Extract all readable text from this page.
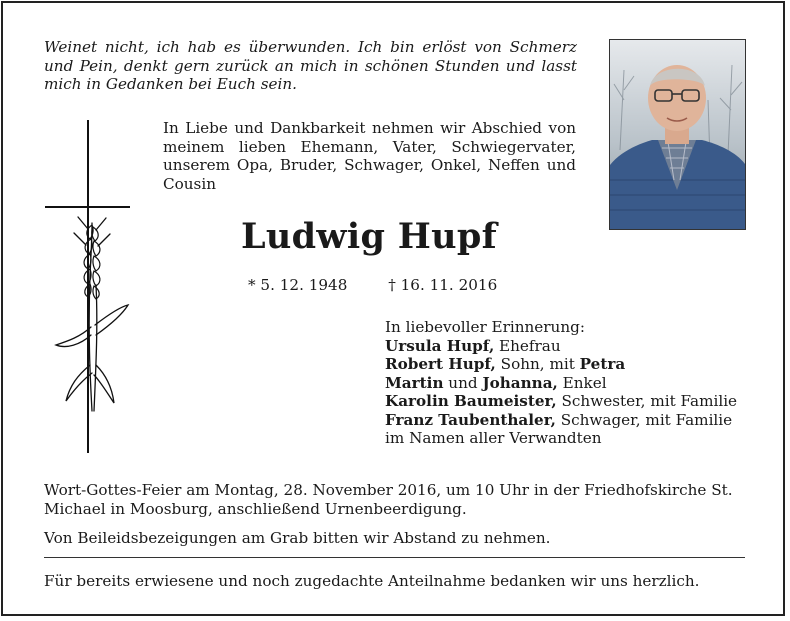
Weinet nicht, ich hab es überwunden. Ich bin erlöst von Schmerz und Pein, denkt gern zurück an mich in schönen Stunden und lasst mich in Gedanken bei Euch sein.

In Liebe und Dankbarkeit nehmen wir Abschied von meinem lieben Ehemann, Vater, Schwiegervater, unserem Opa, Bruder, Schwager, Onkel, Neffen und Cousin

Ludwig Hupf
* 5. 12. 1948	† 16. 11. 2016
In liebevoller Erinnerung:
Ursula Hupf, Ehefrau
Robert Hupf, Sohn, mit Petra
Martin und Johanna, Enkel
Karolin Baumeister, Schwester, mit Familie
Franz Taubenthaler, Schwager, mit Familie
im Namen aller Verwandten

Wort-Gottes-Feier am Montag, 28. November 2016, um 10 Uhr in der Friedhofskirche St. Michael in Moosburg, anschließend Urnenbeerdigung.

Von Beileidsbezeigungen am Grab bitten wir Abstand zu nehmen.

Für bereits erwiesene und noch zugedachte Anteilnahme bedanken wir uns herzlich.
